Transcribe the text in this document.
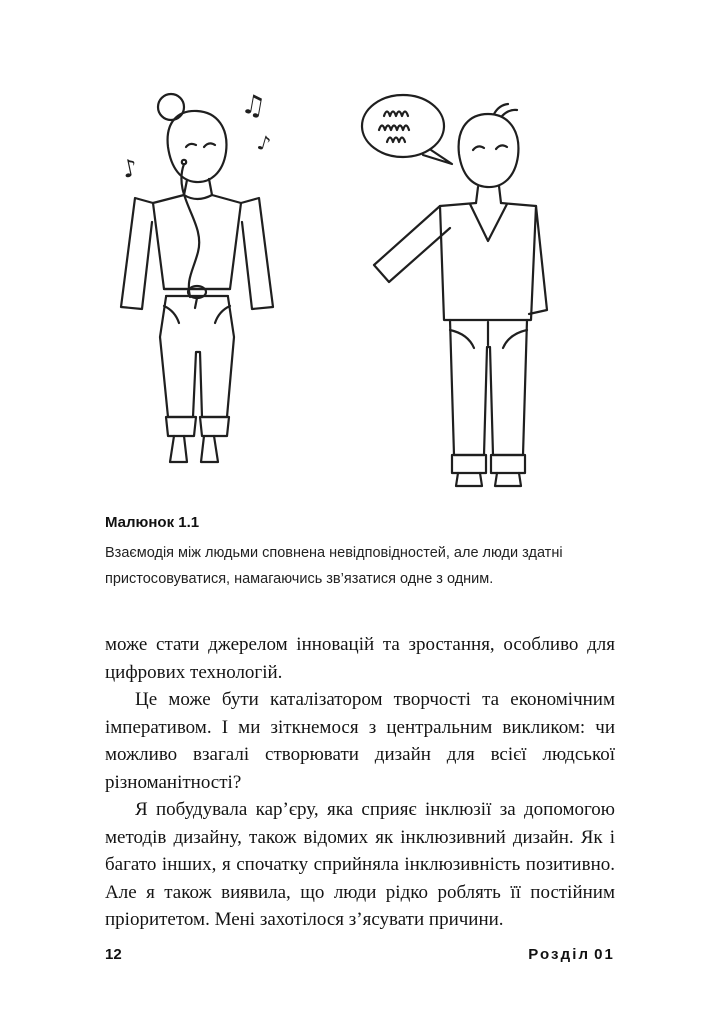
♫
♪
♪

Малюнок 1.1

Взаємодія між людьми сповнена невідповідностей, але люди здатні пристосовуватися, намагаючись зв’язатися одне з одним.

може стати джерелом інновацій та зростання, особливо для цифрових технологій.

Це може бути каталізатором творчості та економічним імперативом. І ми зіткнемося з центральним викликом: чи можливо взагалі створювати дизайн для всієї людської різноманітності?

Я побудувала кар’єру, яка сприяє інклюзії за допомогою методів дизайну, також відомих як інклюзивний дизайн. Як і багато інших, я спочатку сприйняла інклюзивність позитивно. Але я також виявила, що люди рідко роблять її постійним пріоритетом. Мені захотілося з’ясувати причини.

12	Розділ 01
